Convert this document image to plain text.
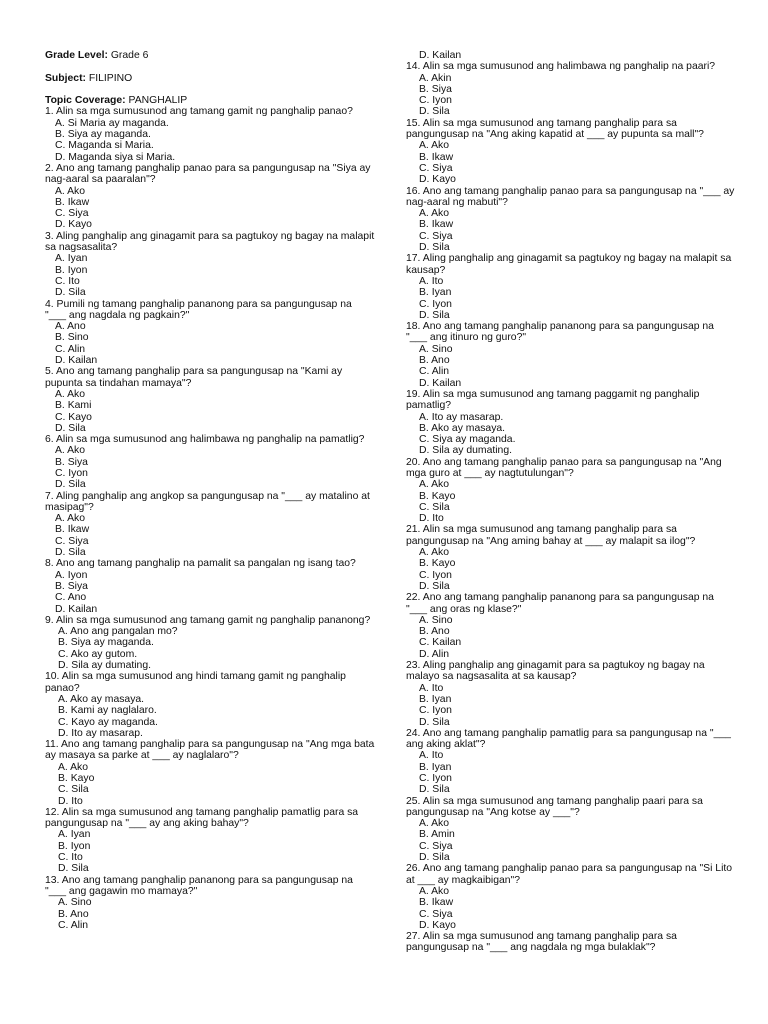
Grade Level: Grade 6

Subject: FILIPINO

Topic Coverage: PANGHALIP

1. Alin sa mga sumusunod ang tamang gamit ng panghalip panao?

A. Si Maria ay maganda.

B. Siya ay maganda.

C. Maganda si Maria.

D. Maganda siya si Maria.

2. Ano ang tamang panghalip panao para sa pangungusap na "Siya ay nag-aaral sa paaralan"?

A. Ako

B. Ikaw

C. Siya

D. Kayo

3. Aling panghalip ang ginagamit para sa pagtukoy ng bagay na malapit sa nagsasalita?

A. Iyan

B. Iyon

C. Ito

D. Sila

4. Pumili ng tamang panghalip pananong para sa pangungusap na "___ ang nagdala ng pagkain?"

A. Ano

B. Sino

C. Alin

D. Kailan

5. Ano ang tamang panghalip para sa pangungusap na "Kami ay pupunta sa tindahan mamaya"?

A. Ako

B. Kami

C. Kayo

D. Sila

6. Alin sa mga sumusunod ang halimbawa ng panghalip na pamatlig?

A. Ako

B. Siya

C. Iyon

D. Sila

7. Aling panghalip ang angkop sa pangungusap na "___ ay matalino at masipag"?

A. Ako

B. Ikaw

C. Siya

D. Sila

8. Ano ang tamang panghalip na pamalit sa pangalan ng isang tao?

A. Iyon

B. Siya

C. Ano

D. Kailan

9. Alin sa mga sumusunod ang tamang gamit ng panghalip pananong?

A. Ano ang pangalan mo?

B. Siya ay maganda.

C. Ako ay gutom.

D. Sila ay dumating.

10. Alin sa mga sumusunod ang hindi tamang gamit ng panghalip panao?

A. Ako ay masaya.

B. Kami ay naglalaro.

C. Kayo ay maganda.

D. Ito ay masarap.

11. Ano ang tamang panghalip para sa pangungusap na "Ang mga bata ay masaya sa parke at ___ ay naglalaro"?

A. Ako

B. Kayo

C. Sila

D. Ito

12. Alin sa mga sumusunod ang tamang panghalip pamatlig para sa pangungusap na "___ ay ang aking bahay"?

A. Iyan

B. Iyon

C. Ito

D. Sila

13. Ano ang tamang panghalip pananong para sa pangungusap na "___ ang gagawin mo mamaya?"

A. Sino

B. Ano

C. Alin

D. Kailan

14. Alin sa mga sumusunod ang halimbawa ng panghalip na paari?

A. Akin

B. Siya

C. Iyon

D. Sila

15. Alin sa mga sumusunod ang tamang panghalip para sa pangungusap na "Ang aking kapatid at ___ ay pupunta sa mall"?

A. Ako

B. Ikaw

C. Siya

D. Kayo

16. Ano ang tamang panghalip panao para sa pangungusap na "___ ay nag-aaral ng mabuti"?

A. Ako

B. Ikaw

C. Siya

D. Sila

17. Aling panghalip ang ginagamit sa pagtukoy ng bagay na malapit sa kausap?

A. Ito

B. Iyan

C. Iyon

D. Sila

18. Ano ang tamang panghalip pananong para sa pangungusap na "___ ang itinuro ng guro?"

A. Sino

B. Ano

C. Alin

D. Kailan

19. Alin sa mga sumusunod ang tamang paggamit ng panghalip pamatlig?

A. Ito ay masarap.

B. Ako ay masaya.

C. Siya ay maganda.

D. Sila ay dumating.

20. Ano ang tamang panghalip panao para sa pangungusap na "Ang mga guro at ___ ay nagtutulungan"?

A. Ako

B. Kayo

C. Sila

D. Ito

21. Alin sa mga sumusunod ang tamang panghalip para sa pangungusap na "Ang aming bahay at ___ ay malapit sa ilog"?

A. Ako

B. Kayo

C. Iyon

D. Sila

22. Ano ang tamang panghalip pananong para sa pangungusap na "___ ang oras ng klase?"

A. Sino

B. Ano

C. Kailan

D. Alin

23. Aling panghalip ang ginagamit para sa pagtukoy ng bagay na malayo sa nagsasalita at sa kausap?

A. Ito

B. Iyan

C. Iyon

D. Sila

24. Ano ang tamang panghalip pamatlig para sa pangungusap na "___ ang aking aklat"?

A. Ito

B. Iyan

C. Iyon

D. Sila

25. Alin sa mga sumusunod ang tamang panghalip paari para sa pangungusap na "Ang kotse ay ___"?

A. Ako

B. Amin

C. Siya

D. Sila

26. Ano ang tamang panghalip panao para sa pangungusap na "Si Lito at ___ ay magkaibigan"?

A. Ako

B. Ikaw

C. Siya

D. Kayo

27. Alin sa mga sumusunod ang tamang panghalip para sa pangungusap na "___ ang nagdala ng mga bulaklak"?
